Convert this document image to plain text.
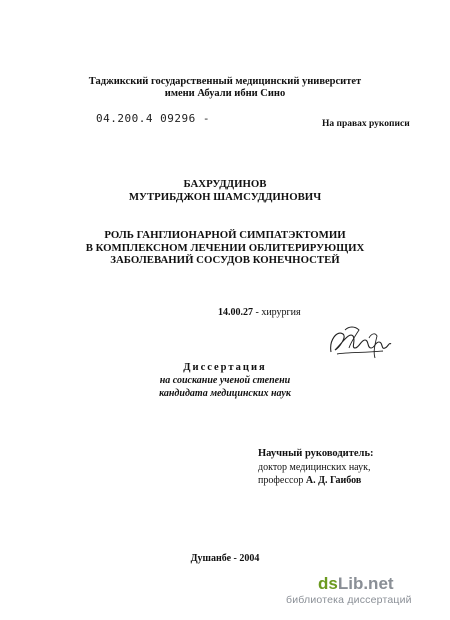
Таджикский государственный медицинский университет
имени Абуали ибни Сино
04.200.4 09296 -	На правах рукописи
БАХРУДДИНОВ
МУТРИБДЖОН ШАМСУДДИНОВИЧ
РОЛЬ ГАНГЛИОНАРНОЙ СИМПАТЭКТОМИИ
В КОМПЛЕКСНОМ ЛЕЧЕНИИ ОБЛИТЕРИРУЮЩИХ
ЗАБОЛЕВАНИЙ СОСУДОВ КОНЕЧНОСТЕЙ
14.00.27 - хирургия
Диссертация
на соискание ученой степени
кандидата медицинских наук
Научный руководитель:
доктор медицинских наук,
профессор А. Д. Гаибов
Душанбе - 2004
dsLib.net
библиотека диссертаций
